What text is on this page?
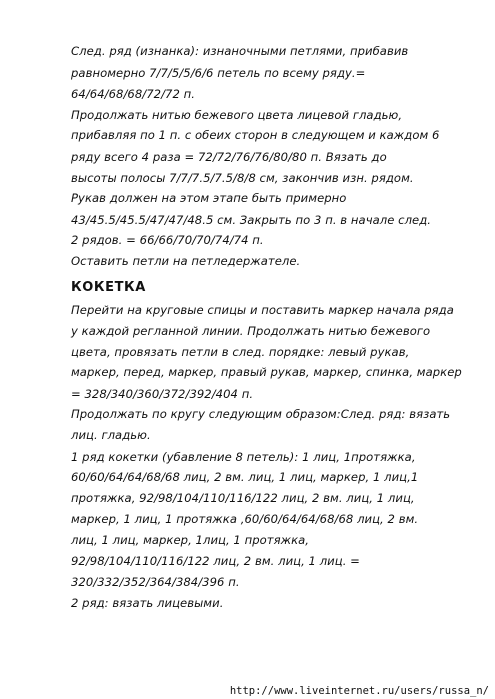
След. ряд (изнанка): изнаночными петлями, прибавив
равномерно 7/7/5/5/6/6 петель по всему ряду.=
64/64/68/68/72/72 п.
Продолжать нитью бежевого цвета лицевой гладью,
прибавляя по 1 п. с обеих сторон в следующем и каждом 6
ряду всего 4 раза = 72/72/76/76/80/80 п. Вязать до
высоты полосы 7/7/7.5/7.5/8/8 см, закончив изн. рядом.
Рукав должен на этом этапе быть примерно
43/45.5/45.5/47/47/48.5 см. Закрыть по 3 п. в начале след.
2 рядов. = 66/66/70/70/74/74 п.
Оставить петли на петледержателе.
КОКЕТКА
Перейти на круговые спицы и поставить маркер начала ряда
у каждой регланной линии. Продолжать нитью бежевого
цвета, провязать петли в след. порядке: левый рукав,
маркер, перед, маркер, правый рукав, маркер, спинка, маркер
= 328/340/360/372/392/404 п.
Продолжать по кругу следующим образом:След. ряд: вязать
лиц. гладью.
1 ряд кокетки (убавление 8 петель): 1 лиц, 1протяжка,
60/60/64/64/68/68 лиц, 2 вм. лиц, 1 лиц, маркер, 1 лиц,1
протяжка, 92/98/104/110/116/122 лиц, 2 вм. лиц, 1 лиц,
маркер, 1 лиц, 1 протяжка ,60/60/64/64/68/68 лиц, 2 вм.
лиц, 1 лиц, маркер, 1лиц, 1 протяжка,
92/98/104/110/116/122 лиц, 2 вм. лиц, 1 лиц. =
320/332/352/364/384/396 п.
2 ряд: вязать лицевыми.
http://www.liveinternet.ru/users/russa_n/
